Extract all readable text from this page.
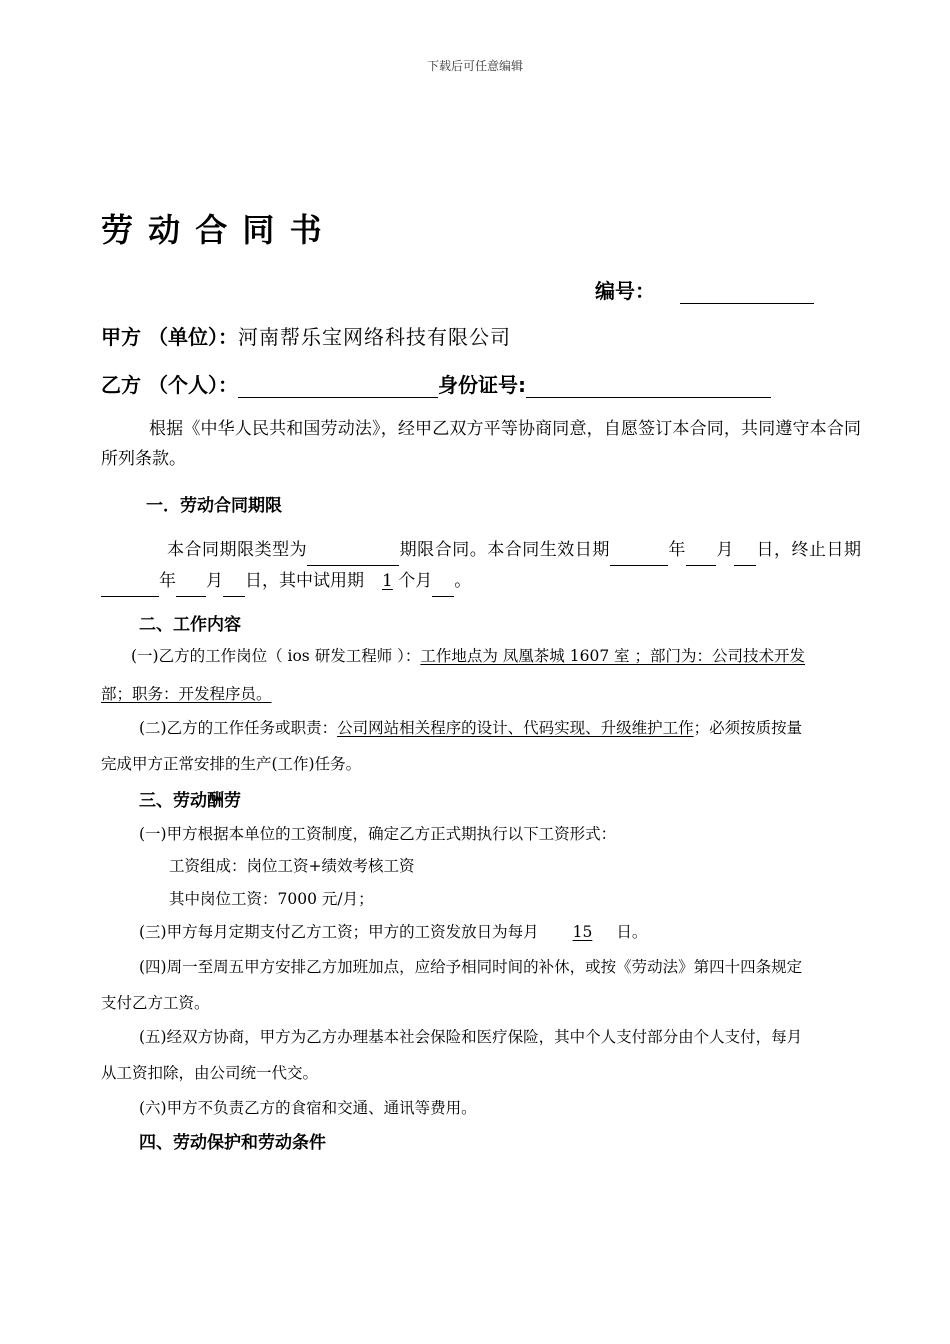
下载后可任意编辑
劳 动 合 同 书
编号：
甲方 （单位）：河南帮乐宝网络科技有限公司
乙方 （个人）：	身份证号:
根据《中华人民共和国劳动法》，经甲乙双方平等协商同意，自愿签订本合同，共同遵守本合同所列条款。
一．劳动合同期限
本合同期限类型为	期限合同。本合同生效日期	年 月 日，终止日期 年 月 日，其中试用期 1 个月 。
二、工作内容
(一)乙方的工作岗位（ ios 研发工程师 ）：工作地点为 凤凰茶城 1607 室 ；部门为：公司技术开发
部；职务：开发程序员。
(二)乙方的工作任务或职责：公司网站相关程序的设计、代码实现、升级维护工作；必须按质按量
完成甲方正常安排的生产(工作)任务。
三、劳动酬劳
(一)甲方根据本单位的工资制度，确定乙方正式期执行以下工资形式：
工资组成：岗位工资+绩效考核工资
其中岗位工资：7000 元/月；
(三)甲方每月定期支付乙方工资；甲方的工资发放日为每月 15 日。
(四)周一至周五甲方安排乙方加班加点，应给予相同时间的补休，或按《劳动法》第四十四条规定
支付乙方工资。
(五)经双方协商，甲方为乙方办理基本社会保险和医疗保险，其中个人支付部分由个人支付，每月
从工资扣除，由公司统一代交。
(六)甲方不负责乙方的食宿和交通、通讯等费用。
四、劳动保护和劳动条件
